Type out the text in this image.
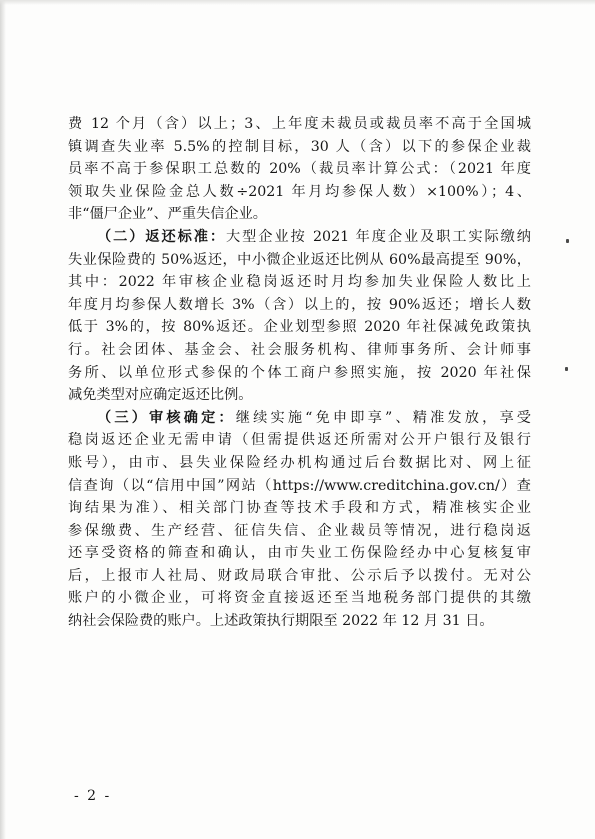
费 12 个月（含）以上；3、上年度未裁员或裁员率不高于全国城
镇调查失业率 5.5%的控制目标，30 人（含）以下的参保企业裁
员率不高于参保职工总数的 20%（裁员率计算公式：（2021 年度
领取失业保险金总人数÷2021 年月均参保人数）×100%）；4、
非“僵尸企业”、严重失信企业。

（二）返还标准：大型企业按 2021 年度企业及职工实际缴纳
失业保险费的 50%返还，中小微企业返还比例从 60%最高提至 90%，
其中：2022 年审核企业稳岗返还时月均参加失业保险人数比上
年度月均参保人数增长 3%（含）以上的，按 90%返还；增长人数
低于 3%的，按 80%返还。企业划型参照 2020 年社保减免政策执
行。社会团体、基金会、社会服务机构、律师事务所、会计师事
务所、以单位形式参保的个体工商户参照实施，按 2020 年社保
减免类型对应确定返还比例。

（三）审核确定：继续实施“免申即享”、精准发放，享受
稳岗返还企业无需申请（但需提供返还所需对公开户银行及银行
账号），由市、县失业保险经办机构通过后台数据比对、网上征
信查询（以“信用中国”网站（https://www.creditchina.gov.cn/）查
询结果为准）、相关部门协查等技术手段和方式，精准核实企业
参保缴费、生产经营、征信失信、企业裁员等情况，进行稳岗返
还享受资格的筛查和确认，由市失业工伤保险经办中心复核复审
后，上报市人社局、财政局联合审批、公示后予以拨付。无对公
账户的小微企业，可将资金直接返还至当地税务部门提供的其缴
纳社会保险费的账户。上述政策执行期限至 2022 年 12 月 31 日。

- 2 -
